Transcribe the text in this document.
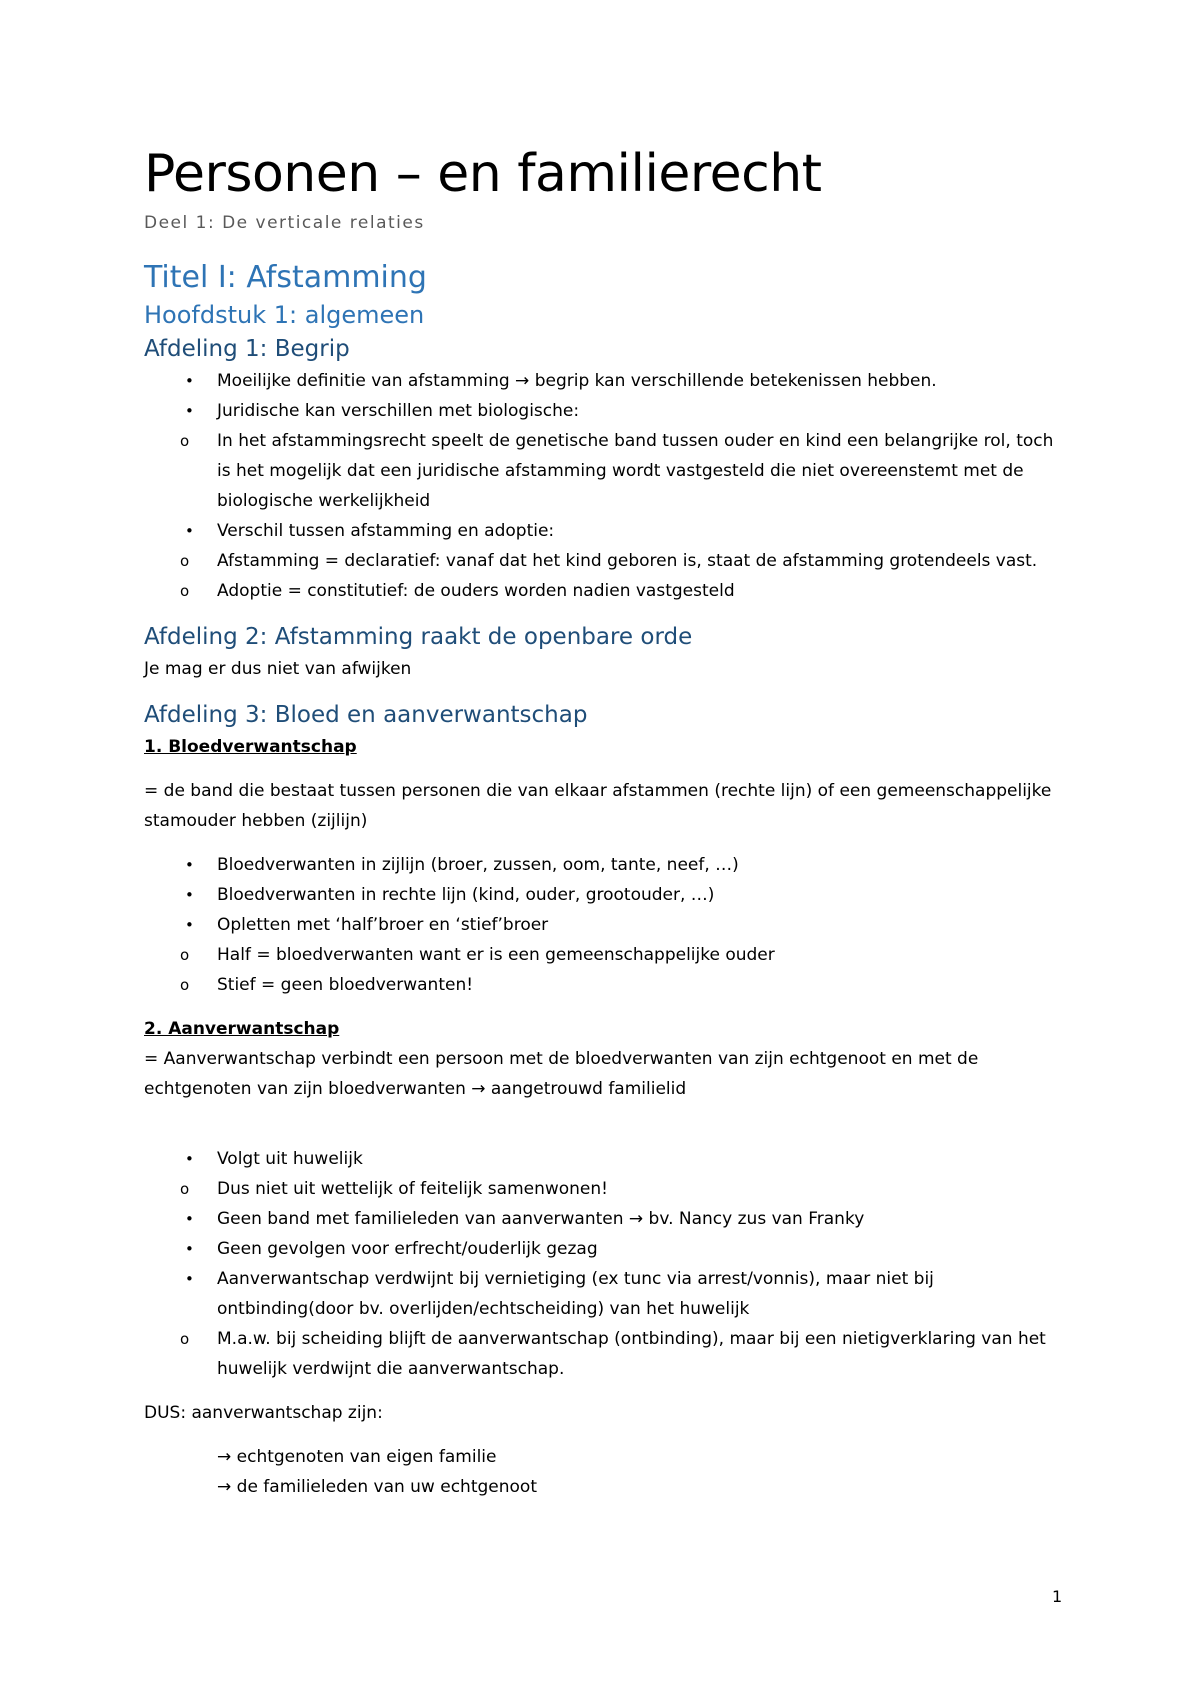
Personen – en familierecht
Deel 1: De verticale relaties
Titel I: Afstamming
Hoofdstuk 1: algemeen
Afdeling 1: Begrip
• Moeilijke definitie van afstamming → begrip kan verschillende betekenissen hebben.
• Juridische kan verschillen met biologische:
o In het afstammingsrecht speelt de genetische band tussen ouder en kind een belangrijke rol, toch is het mogelijk dat een juridische afstamming wordt vastgesteld die niet overeenstemt met de biologische werkelijkheid
• Verschil tussen afstamming en adoptie:
o Afstamming = declaratief: vanaf dat het kind geboren is, staat de afstamming grotendeels vast.
o Adoptie = constitutief: de ouders worden nadien vastgesteld
Afdeling 2: Afstamming raakt de openbare orde

Je mag er dus niet van afwijken

Afdeling 3: Bloed en aanverwantschap

1. Bloedverwantschap

= de band die bestaat tussen personen die van elkaar afstammen (rechte lijn) of een gemeenschappelijke stamouder hebben (zijlijn)

• Bloedverwanten in zijlijn (broer, zussen, oom, tante, neef, …)
• Bloedverwanten in rechte lijn (kind, ouder, grootouder, …)
• Opletten met ‘half’broer en ‘stief’broer
o Half = bloedverwanten want er is een gemeenschappelijke ouder
o Stief = geen bloedverwanten!

2. Aanverwantschap

= Aanverwantschap verbindt een persoon met de bloedverwanten van zijn echtgenoot en met de echtgenoten van zijn bloedverwanten → aangetrouwd familielid

• Volgt uit huwelijk
o Dus niet uit wettelijk of feitelijk samenwonen!
• Geen band met familieleden van aanverwanten → bv. Nancy zus van Franky
• Geen gevolgen voor erfrecht/ouderlijk gezag
• Aanverwantschap verdwijnt bij vernietiging (ex tunc via arrest/vonnis), maar niet bij ontbinding(door bv. overlijden/echtscheiding) van het huwelijk
o M.a.w. bij scheiding blijft de aanverwantschap (ontbinding), maar bij een nietigverklaring van het huwelijk verdwijnt die aanverwantschap.

DUS: aanverwantschap zijn:

→ echtgenoten van eigen familie

→ de familieleden van uw echtgenoot

1
